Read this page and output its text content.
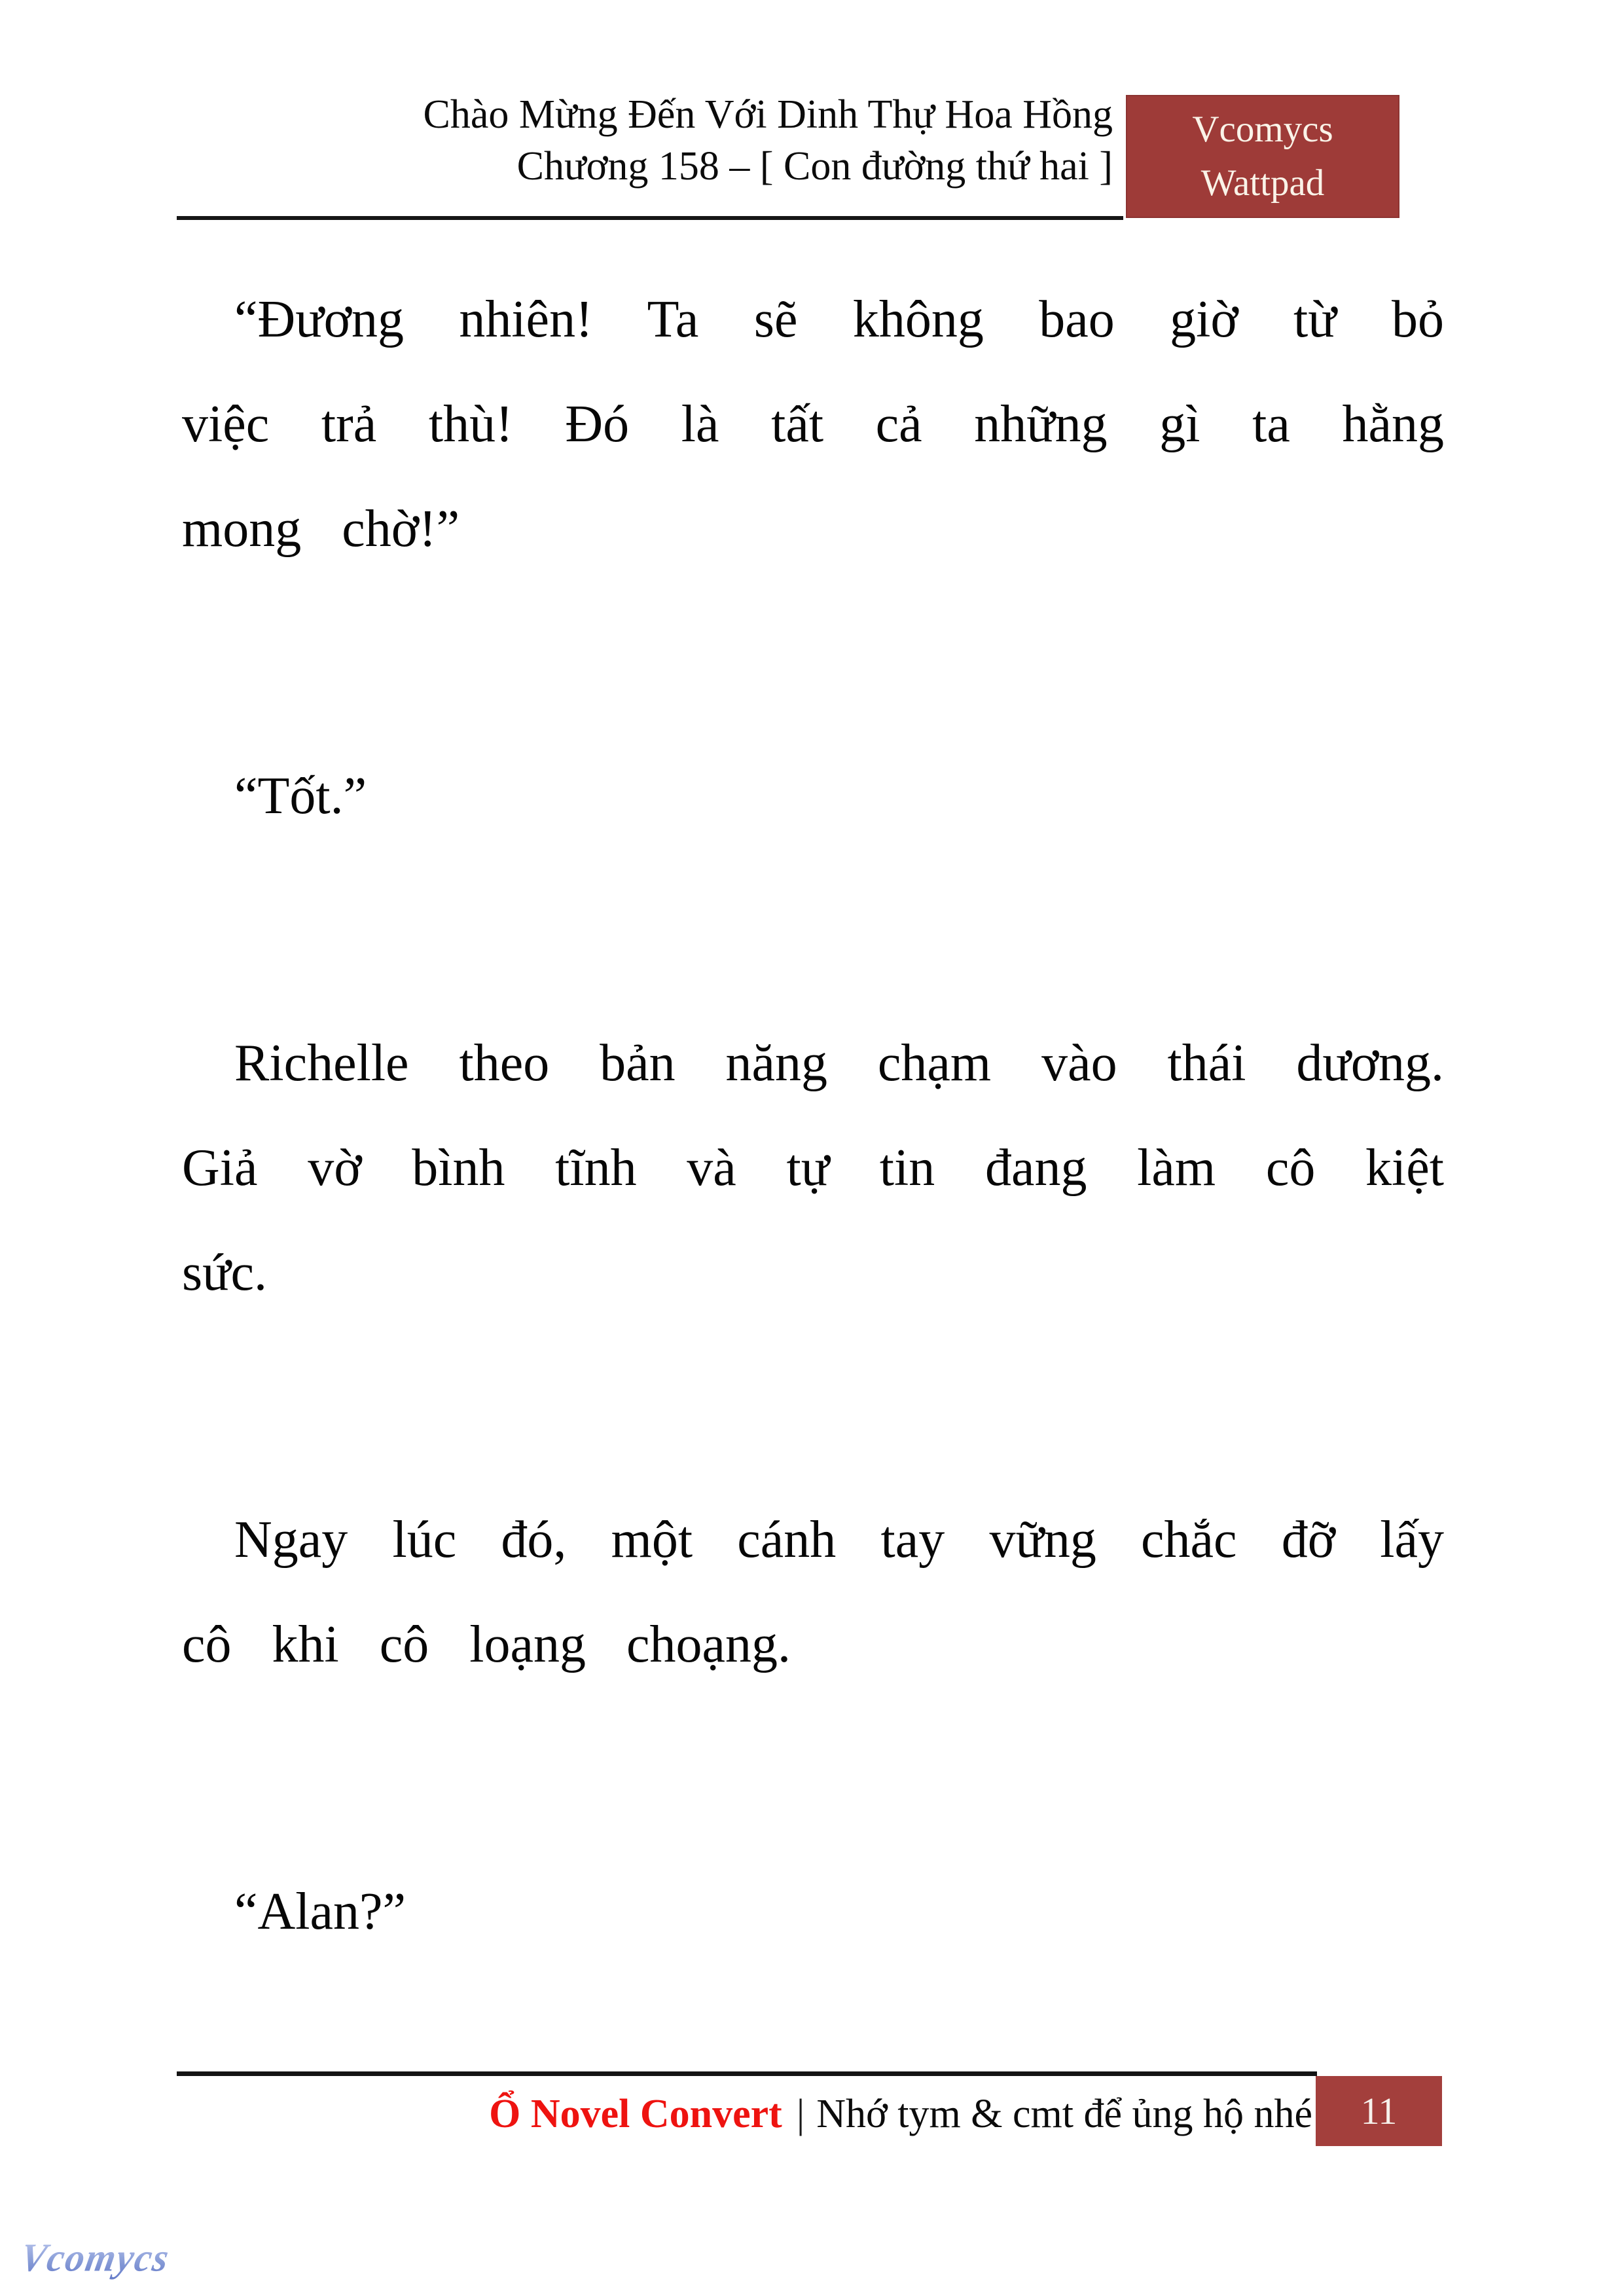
Chào Mừng Đến Với Dinh Thự Hoa Hồng
Chương 158 – [ Con đường thứ hai ]
Vcomycs
Wattpad

“Đương nhiên! Ta sẽ không bao giờ từ bỏ việc trả thù! Đó là tất cả những gì ta hằng mong chờ!”

“Tốt.”

Richelle theo bản năng chạm vào thái dương. Giả vờ bình tĩnh và tự tin đang làm cô kiệt sức.

Ngay lúc đó, một cánh tay vững chắc đỡ lấy cô khi cô loạng choạng.

“Alan?”

Ổ Novel Convert | Nhớ tym & cmt để ủng hộ nhé 11
Vcomycs
